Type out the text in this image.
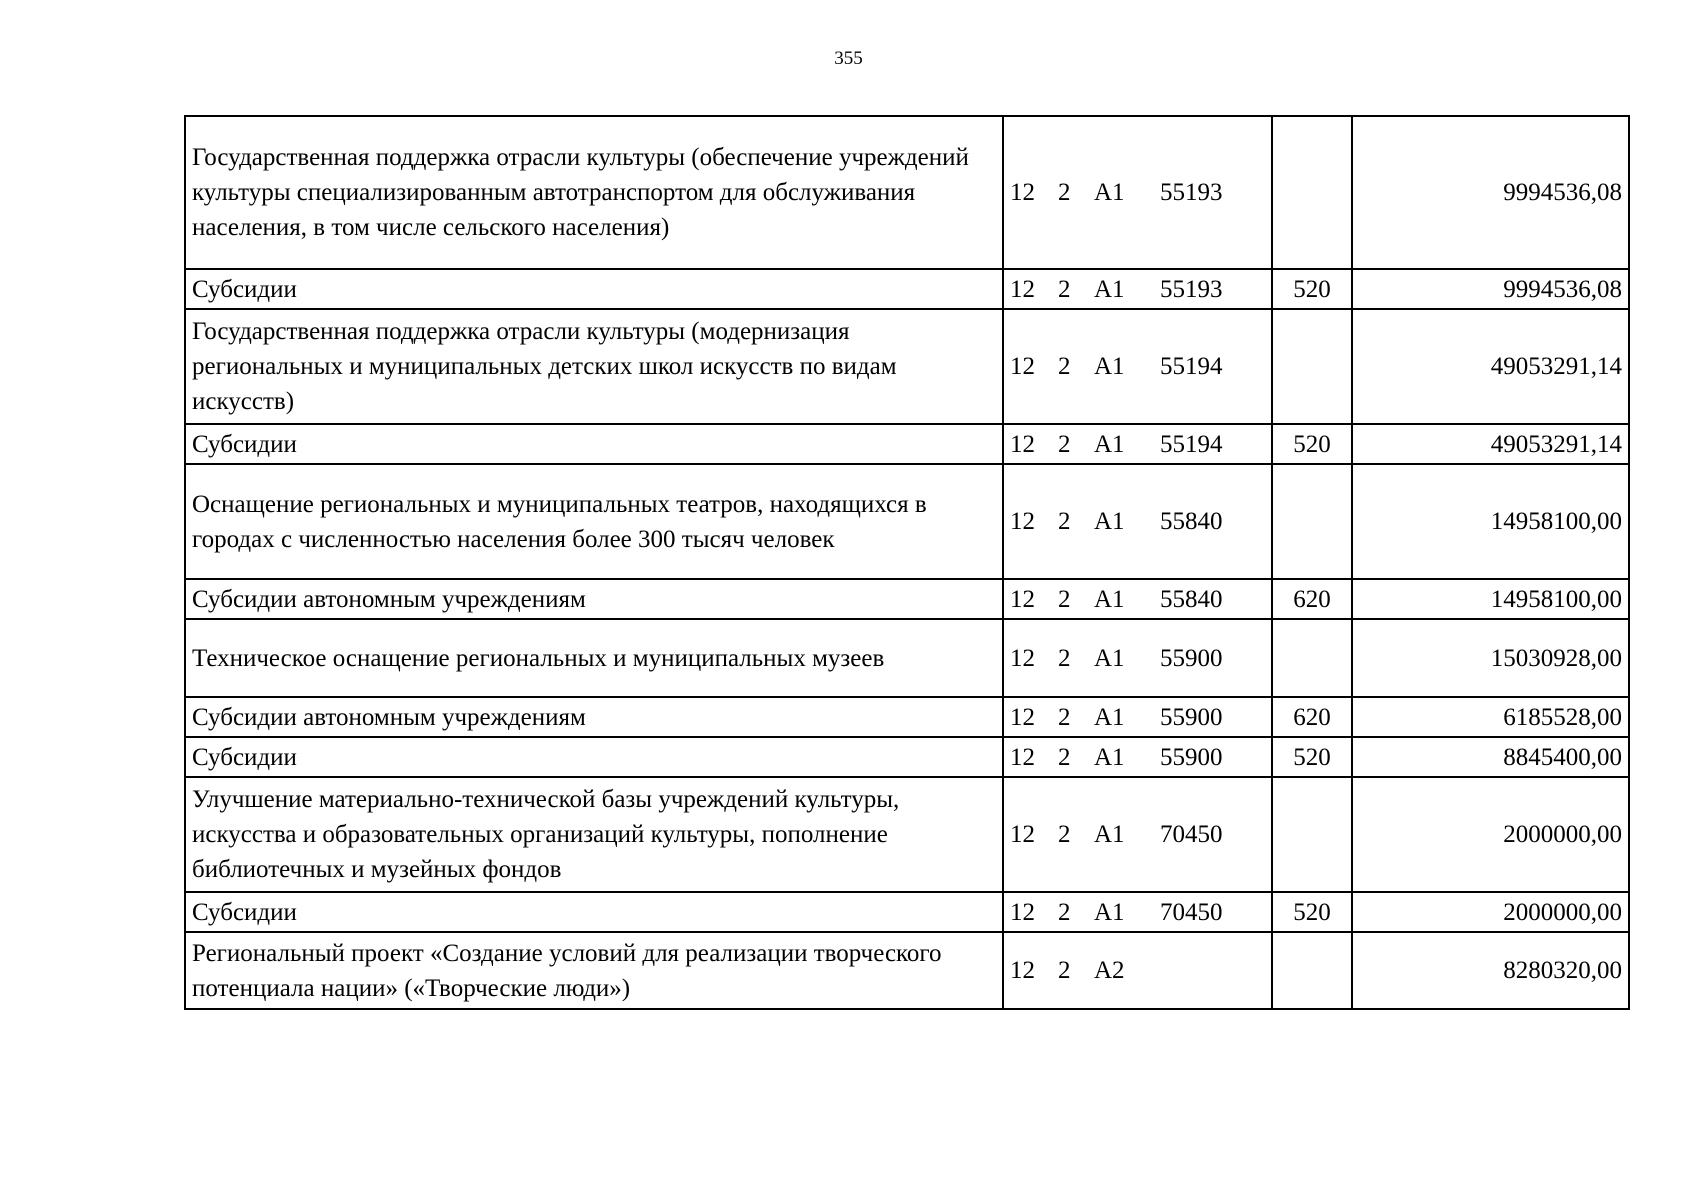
355
Государственная поддержка отрасли культуры (обеспечение учреждений культуры специализированным автотранспортом для обслуживания населения, в том числе сельского населения)	12 2 А1 55193		9994536,08
Субсидии	12 2 А1 55193	520	9994536,08
Государственная поддержка отрасли культуры (модернизация региональных и муниципальных детских школ искусств по видам искусств)	12 2 А1 55194		49053291,14
Субсидии	12 2 А1 55194	520	49053291,14
Оснащение региональных и муниципальных театров, находящихся в городах с численностью населения более 300 тысяч человек	12 2 А1 55840		14958100,00
Субсидии автономным учреждениям	12 2 А1 55840	620	14958100,00
Техническое оснащение региональных и муниципальных музеев	12 2 А1 55900		15030928,00
Субсидии автономным учреждениям	12 2 А1 55900	620	6185528,00
Субсидии	12 2 А1 55900	520	8845400,00
Улучшение материально-технической базы учреждений культуры, искусства и образовательных организаций культуры, пополнение библиотечных и музейных фондов	12 2 А1 70450		2000000,00
Субсидии	12 2 А1 70450	520	2000000,00
Региональный проект «Создание условий для реализации творческого потенциала нации» («Творческие люди»)	12 2 А2		8280320,00
